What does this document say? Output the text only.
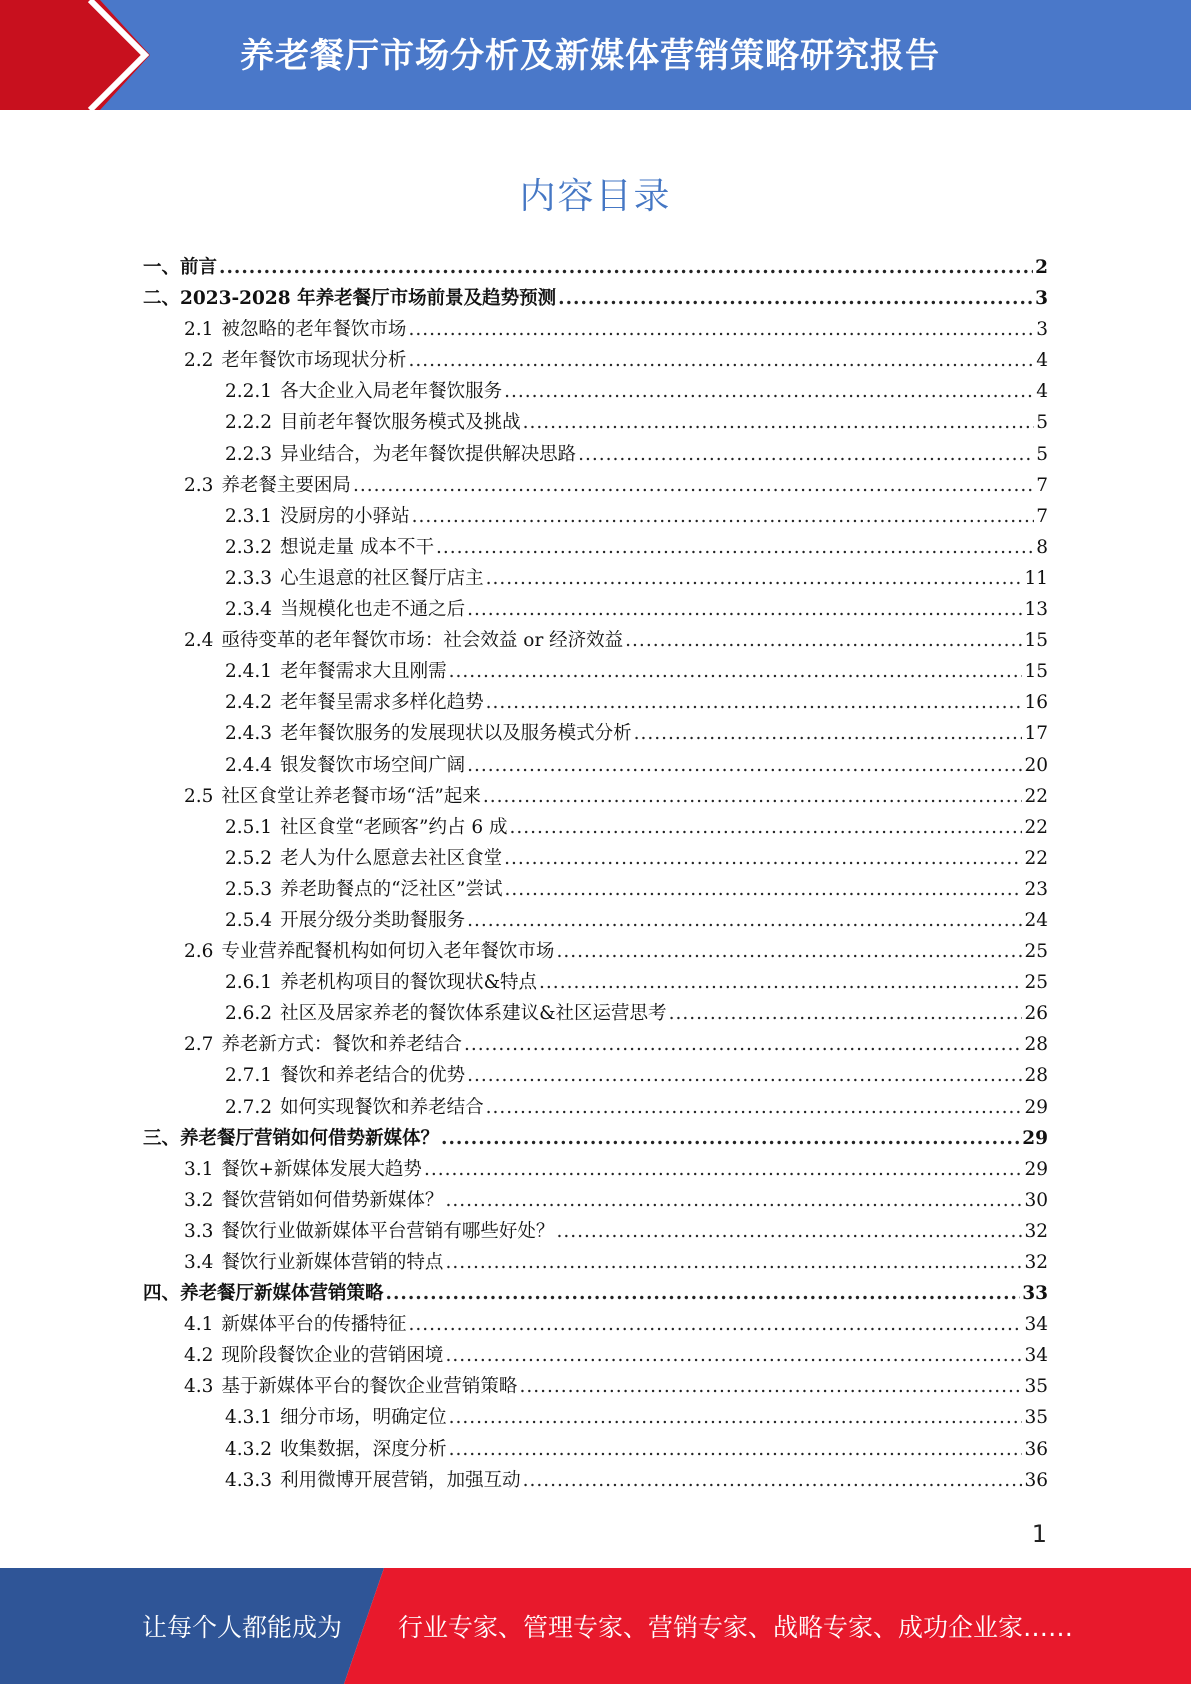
养老餐厅市场分析及新媒体营销策略研究报告
内容目录
一、 前言 .....	2
二、 2023-2028 年养老餐厅市场前景及趋势预测 .....	3
2.1 被忽略的老年餐饮市场 .....	3
2.2 老年餐饮市场现状分析 .....	4
2.2.1 各大企业入局老年餐饮服务 .....	4
2.2.2 目前老年餐饮服务模式及挑战 .....	5
2.2.3 异业结合，为老年餐饮提供解决思路 .....	5
2.3 养老餐主要困局 .....	7
2.3.1 没厨房的小驿站 .....	7
2.3.2 想说走量 成本不干 .....	8
2.3.3 心生退意的社区餐厅店主 .....	11
2.3.4 当规模化也走不通之后 .....	13
2.4 亟待变革的老年餐饮市场：社会效益 or 经济效益 .....	15
2.4.1 老年餐需求大且刚需 .....	15
2.4.2 老年餐呈需求多样化趋势 .....	16
2.4.3 老年餐饮服务的发展现状以及服务模式分析 .....	17
2.4.4 银发餐饮市场空间广阔 .....	20
2.5 社区食堂让养老餐市场“活”起来 .....	22
2.5.1 社区食堂“老顾客”约占 6 成 .....	22
2.5.2 老人为什么愿意去社区食堂 .....	22
2.5.3 养老助餐点的“泛社区”尝试 .....	23
2.5.4 开展分级分类助餐服务 .....	24
2.6 专业营养配餐机构如何切入老年餐饮市场 .....	25
2.6.1 养老机构项目的餐饮现状&特点 .....	25
2.6.2 社区及居家养老的餐饮体系建议&社区运营思考 .....	26
2.7 养老新方式：餐饮和养老结合 .....	28
2.7.1 餐饮和养老结合的优势 .....	28
2.7.2 如何实现餐饮和养老结合 .....	29
三、 养老餐厅营销如何借势新媒体？ .....	29
3.1 餐饮+新媒体发展大趋势 .....	29
3.2 餐饮营销如何借势新媒体？ .....	30
3.3 餐饮行业做新媒体平台营销有哪些好处？ .....	32
3.4 餐饮行业新媒体营销的特点 .....	32
四、 养老餐厅新媒体营销策略 .....	33
4.1 新媒体平台的传播特征 .....	34
4.2 现阶段餐饮企业的营销困境 .....	34
4.3 基于新媒体平台的餐饮企业营销策略 .....	35
4.3.1 细分市场，明确定位 .....	35
4.3.2 收集数据，深度分析 .....	36
4.3.3 利用微博开展营销，加强互动 .....	36
1
让每个人都能成为 行业专家、管理专家、营销专家、战略专家、成功企业家……
